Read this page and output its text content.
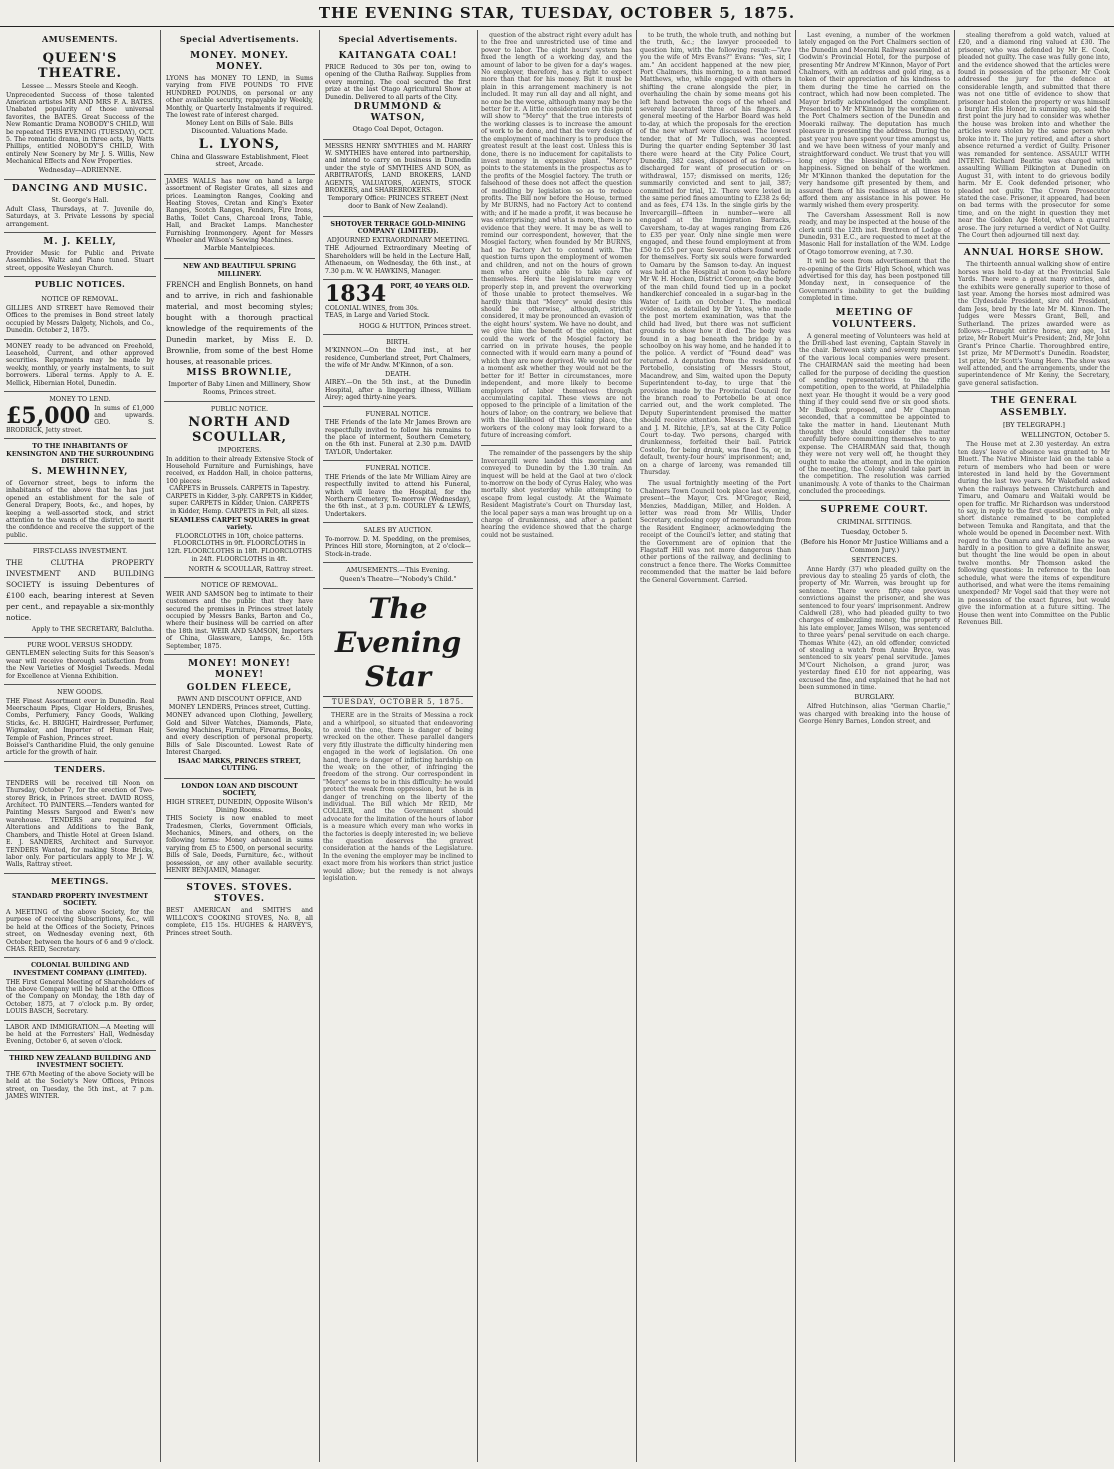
THE EVENING STAR, TUESDAY, OCTOBER 5, 1875.
AMUSEMENTS.
QUEEN'S THEATRE.
Lessee ... Messrs Steele and Keogh.
Unprecedented Success of those talented American artistes MR AND MRS F. A. BATES. Unabated popularity of those universal favorites, the BATES. Great Success of the New Romantic Drama NOBODY'S CHILD, Will be repeated THIS EVENING (TUESDAY), OCT. 5. The romantic drama, in three acts, by Watts Phillips, entitled NOBODY'S CHILD, With entirely New Scenery by Mr J. S. Willis, New Mechanical Effects and New Properties.
Wednesday—ADRIENNE.
DANCING AND MUSIC.
St. George's Hall.
Adult Class, Thursdays, at 7. Juvenile do, Saturdays, at 3. Private Lessons by special arrangement.
M. J. KELLY,
Provider Music for Public and Private Assemblies. Waltz and Piano tuned. Stuart street, opposite Wesleyan Church.
PUBLIC NOTICES.
NOTICE OF REMOVAL.
GILLIES AND STREET have Removed their Offices to the premises in Bond street lately occupied by Messrs Dalgety, Nichols, and Co., Dunedin. October 2, 1875.
MONEY ready to be advanced on Freehold, Leasehold, Current, and other approved securities. Repayments may be made by weekly, monthly, or yearly instalments, to suit borrowers. Liberal terms. Apply to A. E. Mellick, Hibernian Hotel, Dunedin.
MONEY TO LEND.
£5,000 In sums of £1,000 and upwards. GEO. S. BRODRICK, Jetty street.
TO THE INHABITANTS OF KENSINGTON AND THE SURROUNDING DISTRICT.
S. MEWHINNEY,
of Governor street, begs to inform the inhabitants of the above that he has just opened an establishment for the sale of General Drapery, Boots, &c., and hopes, by keeping a well-assorted stock, and strict attention to the wants of the district, to merit the confidence and receive the support of the public.
FIRST-CLASS INVESTMENT.
THE CLUTHA PROPERTY INVESTMENT AND BUILDING SOCIETY is issuing Debentures of £100 each, bearing interest at Seven per cent., and repayable a six-monthly notice.
Apply to THE SECRETARY, Balclutha.
PURE WOOL VERSUS SHODDY.
GENTLEMEN selecting Suits for this Season's wear will receive thorough satisfaction from the New Varieties of Mosgiel Tweeds. Medal for Excellence at Vienna Exhibition.
NEW GOODS.
THE Finest Assortment ever in Dunedin. Real Meerschaum Pipes, Cigar Holders, Brushes, Combs, Perfumery, Fancy Goods, Walking Sticks, &c. H. BRIGHT, Hairdresser, Perfumer, Wigmaker, and Importer of Human Hair, Temple of Fashion, Princes street.
Boissel's Cantharidine Fluid, the only genuine article for the growth of hair.
TENDERS.
TENDERS will be received till Noon on Thursday, October 7, for the erection of Two-storey Brick, in Princes street. DAVID ROSS, Architect. TO PAINTERS.—Tenders wanted for Painting Messrs Sargood and Ewen's new warehouse. TENDERS are required for Alterations and Additions to the Bank, Chambers, and Thistle Hotel at Green Island. E. J. SANDERS, Architect and Surveyor. TENDERS Wanted, for making Stone Bricks, labor only. For particulars apply to Mr J. W. Walls, Rattray street.
MEETINGS.
STANDARD PROPERTY INVESTMENT SOCIETY.
A MEETING of the above Society, for the purpose of receiving Subscriptions, &c., will be held at the Offices of the Society, Princes street, on Wednesday evening next, 6th October, between the hours of 6 and 9 o'clock. CHAS. REID, Secretary.
COLONIAL BUILDING AND INVESTMENT COMPANY (LIMITED).
THE First General Meeting of Shareholders of the above Company will be held at the Offices of the Company on Monday, the 18th day of October, 1875, at 7 o'clock p.m. By order, LOUIS BASCH, Secretary.
LABOR AND IMMIGRATION.—A Meeting will be held at the Forresters' Hall, Wednesday Evening, October 6, at seven o'clock.
THIRD NEW ZEALAND BUILDING AND INVESTMENT SOCIETY.
THE 67th Meeting of the above Society will be held at the Society's New Offices, Princes street, on Tuesday, the 5th inst., at 7 p.m. JAMES WINTER.
Special Advertisements.
MONEY. MONEY. MONEY.
LYONS has MONEY TO LEND, in Sums varying from FIVE POUNDS TO FIVE HUNDRED POUNDS, on personal or any other available security, repayable by Weekly, Monthly, or Quarterly Instalments if required. The lowest rate of interest charged.
Money Lent on Bills of Sale. Bills Discounted. Valuations Made.
L. LYONS,
China and Glassware Establishment, Fleet street, Arcade.
JAMES WALLS has now on hand a large assortment of Register Grates, all sizes and prices. Leamington Ranges, Cooking and Heating Stoves, Cretan and King's Exeter Ranges, Scotch Ranges, Fenders, Fire Irons, Baths, Toilet Cans, Charcoal Irons, Table, Hall, and Bracket Lamps. Manchester Furnishing Ironmongery. Agent for Messrs Wheeler and Wilson's Sewing Machines.
Marble Mantelpieces.
NEW AND BEAUTIFUL SPRING MILLINERY.
FRENCH and English Bonnets, on hand and to arrive, in rich and fashionable material, and most becoming styles; bought with a thorough practical knowledge of the requirements of the Dunedin market, by Miss E. D. Brownlie, from some of the best Home houses, at reasonable prices.
MISS BROWNLIE,
Importer of Baby Linen and Millinery, Show Rooms, Princes street.
PUBLIC NOTICE.
NORTH AND SCOULLAR,
IMPORTERS.
In addition to their already Extensive Stock of Household Furniture and Furnishings, have received, ex Haddon Hall, in choice patterns, 100 pieces:
CARPETS in Brussels. CARPETS in Tapestry. CARPETS in Kidder, 3-ply. CARPETS in Kidder, super. CARPETS in Kidder, Union. CARPETS in Kidder, Hemp. CARPETS in Felt, all sizes.
SEAMLESS CARPET SQUARES in great variety.
FLOORCLOTHS in 10ft, choice patterns. FLOORCLOTHS in 9ft. FLOORCLOTHS in 12ft. FLOORCLOTHS in 18ft. FLOORCLOTHS in 24ft. FLOORCLOTHS in 4ft.
NORTH & SCOULLAR, Rattray street.
NOTICE OF REMOVAL.
WEIR AND SAMSON beg to intimate to their customers and the public that they have secured the premises in Princes street lately occupied by Messrs Banks, Barton and Co., where their business will be carried on after the 18th inst. WEIR AND SAMSON, Importers of China, Glassware, Lamps, &c. 15th September, 1875.
MONEY! MONEY! MONEY!
GOLDEN FLEECE,
PAWN AND DISCOUNT OFFICE, AND MONEY LENDERS, Princes street, Cutting.
MONEY advanced upon Clothing, Jewellery, Gold and Silver Watches, Diamonds, Plate, Sewing Machines, Furniture, Firearms, Books, and every description of personal property. Bills of Sale Discounted. Lowest Rate of Interest Charged.
ISAAC MARKS, PRINCES STREET, CUTTING.
LONDON LOAN AND DISCOUNT SOCIETY,
HIGH STREET, DUNEDIN, Opposite Wilson's Dining Rooms.
THIS Society is now enabled to meet Tradesmen, Clerks, Government Officials, Mechanics, Miners, and others, on the following terms: Money advanced in sums varying from £5 to £500, on personal security. Bills of Sale, Deeds, Furniture, &c., without possession, or any other available security. HENRY BENJAMIN, Manager.
STOVES. STOVES. STOVES.
BEST AMERICAN and SMITH'S and WILLCOX'S COOKING STOVES, No. 8, all complete, £15 15s. HUGHES & HARVEY'S, Princes street South.
Special Advertisements.
KAITANGATA COAL!
PRICE Reduced to 30s per ton, owing to opening of the Clutha Railway. Supplies from every morning. The coal secured the first prize at the last Otago Agricultural Show at Dunedin. Delivered to all parts of the City.
DRUMMOND & WATSON,
Otago Coal Depot, Octagon.
MESSRS HENRY SMYTHIES and M. HARRY W. SMYTHIES have entered into partnership, and intend to carry on business in Dunedin under the style of SMYTHIES AND SON, as ARBITRATORS, LAND BROKERS, LAND AGENTS, VALUATORS, AGENTS, STOCK BROKERS, and SHAREBROKERS.
Temporary Office: PRINCES STREET (Next door to Bank of New Zealand).
SHOTOVER TERRACE GOLD-MINING COMPANY (LIMITED).
ADJOURNED EXTRAORDINARY MEETING.
THE Adjourned Extraordinary Meeting of Shareholders will be held in the Lecture Hall, Athenaeum, on Wednesday, the 6th inst., at 7.30 p.m. W. W. HAWKINS, Manager.
1834 PORT, 40 YEARS OLD.
COLONIAL WINES, from 30s.
TEAS, in Large and Varied Stock.
HOGG & HUTTON, Princes street.
BIRTH.
M'KINNON.—On the 2nd inst., at her residence, Cumberland street, Port Chalmers, the wife of Mr Andw. M'Kinnon, of a son.
DEATH.
AIREY.—On the 5th inst., at the Dunedin Hospital, after a lingering illness, William Airey; aged thirty-nine years.
FUNERAL NOTICE.
THE Friends of the late Mr James Brown are respectfully invited to follow his remains to the place of interment, Southern Cemetery, on the 6th inst. Funeral at 2.30 p.m. DAVID TAYLOR, Undertaker.
FUNERAL NOTICE.
THE Friends of the late Mr William Airey are respectfully invited to attend his Funeral, which will leave the Hospital, for the Northern Cemetery, To-morrow (Wednesday), the 6th inst., at 3 p.m. COURLEY & LEWIS, Undertakers.
SALES BY AUCTION.
To-morrow. D. M. Spedding, on the premises, Princes Hill store, Mornington, at 2 o'clock—Stock-in-trade.
AMUSEMENTS.—This Evening.
Queen's Theatre—"Nobody's Child."
The Evening Star
TUESDAY, OCTOBER 5, 1875.
THERE are in the Straits of Messina a rock and a whirlpool, so situated that endeavoring to avoid the one, there is danger of being wrecked on the other. These parallel dangers very fitly illustrate the difficulty hindering men engaged in the work of legislation. On one hand, there is danger of inflicting hardship on the weak; on the other, of infringing the freedom of the strong. Our correspondent in "Mercy" seems to be in this difficulty: he would protect the weak from oppression, but he is in danger of trenching on the liberty of the individual. The Bill which Mr REID, Mr COLLIER, and the Government should advocate for the limitation of the hours of labor is a measure which every man who works in the factories is deeply interested in; we believe the question deserves the gravest consideration at the hands of the Legislature. In the evening the employer may be inclined to exact more from his workers than strict justice would allow; but the remedy is not always legislation.
question of the abstract right every adult has to the free and unrestricted use of time and power to labor. The eight hours' system has fixed the length of a working day, and the amount of labor to be given for a day's wages. No employer, therefore, has a right to expect more than that for his money. But it must be plain in this arrangement machinery is not included. It may run all day and all night, and no one be the worse, although many may be the better for it. A little consideration on this point will show to "Mercy" that the true interests of the working classes is to increase the amount of work to be done, and that the very design of the employment of machinery is to produce the greatest result at the least cost. Unless this is done, there is no inducement for capitalists to invest money in expensive plant. "Mercy" points to the statements in the prospectus as to the profits of the Mosgiel factory. The truth or falsehood of these does not affect the question of meddling by legislation so as to reduce profits. The Bill now before the House, termed by Mr BURNS, had no Factory Act to contend with; and if he made a profit, it was because he was enterprising; and what is more, there is no evidence that they were. It may be as well to remind our correspondent, however, that the Mosgiel factory, when founded by Mr BURNS, had no Factory Act to contend with. The question turns upon the employment of women and children, and not on the hours of grown men who are quite able to take care of themselves. Here the legislature may very properly step in, and prevent the overworking of those unable to protect themselves. We hardly think that "Mercy" would desire this should be otherwise, although, strictly considered, it may be pronounced an evasion of the eight hours' system. We have no doubt, and we give him the benefit of the opinion, that could the work of the Mosgiel factory be carried on in private houses, the people connected with it would earn many a pound of which they are now deprived. We would not for a moment ask whether they would not be the better for it! Better in circumstances, more independent, and more likely to become employers of labor themselves through accumulating capital. These views are not opposed to the principle of a limitation of the hours of labor; on the contrary, we believe that with the likelihood of this taking place, the workers of the colony may look forward to a future of increasing comfort.
The remainder of the passengers by the ship Invercargill were landed this morning and conveyed to Dunedin by the 1.30 train. An inquest will be held at the Gaol at two o'clock to-morrow on the body of Cyrus Haley, who was mortally shot yesterday while attempting to escape from legal custody. At the Waimate Resident Magistrate's Court on Thursday last, the local paper says a man was brought up on a charge of drunkenness, and after a patient hearing the evidence showed that the charge could not be sustained.
to be truth, the whole truth, and nothing but the truth, &c.; the lawyer proceeded to question him, with the following result:—"Are you the wife of Mrs Evans?" Evans: "Yes, sir, I am." An accident happened at the new pier, Port Chalmers, this morning, to a man named Matthews, who, while engaged with others in shifting the crane alongside the pier, in overhauling the chain by some means got his left hand between the cogs of the wheel and severely lacerated three of his fingers. A general meeting of the Harbor Board was held to-day, at which the proposals for the erection of the new wharf were discussed. The lowest tender, that of Mr Tulloch, was accepted. During the quarter ending September 30 last there were heard at the City Police Court, Dunedin, 382 cases, disposed of as follows:—discharged for want of prosecution or on withdrawal, 157; dismissed on merits, 126; summarily convicted and sent to jail, 387; committed for trial, 12. There were levied in the same period fines amounting to £238 2s 6d; and as fees, £74 13s. In the single girls by the Invercargill—fifteen in number—were all engaged at the Immigration Barracks, Caversham, to-day at wages ranging from £26 to £35 per year. Only nine single men were engaged, and these found employment at from £50 to £55 per year. Several others found work for themselves. Forty six souls were forwarded to Oamaru by the Samson to-day. An inquest was held at the Hospital at noon to-day before Mr W. H. Hocken, District Coroner, on the body of the man child found tied up in a pocket handkerchief concealed in a sugar-bag in the Water of Leith on October 1. The medical evidence, as detailed by Dr Yates, who made the post mortem examination, was that the child had lived, but there was not sufficient grounds to show how it died. The body was found in a bag beneath the bridge by a schoolboy on his way home, and he handed it to the police. A verdict of "Found dead" was returned. A deputation from the residents of Portobello, consisting of Messrs Stout, Macandrew, and Sim, waited upon the Deputy Superintendent to-day, to urge that the provision made by the Provincial Council for the branch road to Portobello be at once carried out, and the work completed. The Deputy Superintendent promised the matter should receive attention. Messrs E. B. Cargill and J. M. Ritchie, J.P.'s, sat at the City Police Court to-day. Two persons, charged with drunkenness, forfeited their bail. Patrick Costello, for being drunk, was fined 5s, or, in default, twenty-four hours' imprisonment; and, on a charge of larceny, was remanded till Thursday.
The usual fortnightly meeting of the Port Chalmers Town Council took place last evening, present—the Mayor, Crs. M'Gregor, Reid, Menzies, Maddigan, Miller, and Holden. A letter was read from Mr Willis, Under Secretary, enclosing copy of memorandum from the Resident Engineer, acknowledging the receipt of the Council's letter, and stating that the Government are of opinion that the Flagstaff Hill was not more dangerous than other portions of the railway, and declining to construct a fence there. The Works Committee recommended that the matter be laid before the General Government. Carried.
Last evening, a number of the workmen lately engaged on the Port Chalmers section of the Dunedin and Moeraki Railway assembled at Godwin's Provincial Hotel, for the purpose of presenting Mr Andrew M'Kinnon, Mayor of Port Chalmers, with an address and gold ring, as a token of their appreciation of his kindness to them during the time he carried on the contract, which had now been completed. The Mayor briefly acknowledged the compliment. Presented to Mr M'Kinnon by the workmen on the Port Chalmers section of the Dunedin and Moeraki railway. The deputation has much pleasure in presenting the address. During the past year you have spent your time amongst us, and we have been witness of your manly and straightforward conduct. We trust that you will long enjoy the blessings of health and happiness. Signed on behalf of the workmen. Mr M'Kinnon thanked the deputation for the very handsome gift presented by them, and assured them of his readiness at all times to afford them any assistance in his power. He warmly wished them every prosperity.
The Caversham Assessment Roll is now ready, and may be inspected at the house of the clerk until the 12th inst. Brethren of Lodge of Dunedin, 931 E.C., are requested to meet at the Masonic Hall for installation of the W.M. Lodge of Otago tomorrow evening, at 7.30.
It will be seen from advertisement that the re-opening of the Girls' High School, which was advertised for this day, has been postponed till Monday next, in consequence of the Government's inability to get the building completed in time.
MEETING OF VOLUNTEERS.
A general meeting of Volunteers was held at the Drill-shed last evening, Captain Stavely in the chair. Between sixty and seventy members of the various local companies were present. The CHAIRMAN said the meeting had been called for the purpose of deciding the question of sending representatives to the rifle competition, open to the world, at Philadelphia next year. He thought it would be a very good thing if they could send five or six good shots. Mr Bullock proposed, and Mr Chapman seconded, that a committee be appointed to take the matter in hand. Lieutenant Muth thought they should consider the matter carefully before committing themselves to any expense. The CHAIRMAN said that, though they were not very well off, he thought they ought to make the attempt, and in the opinion of the meeting, the Colony should take part in the competition. The resolution was carried unanimously. A vote of thanks to the Chairman concluded the proceedings.
SUPREME COURT.
CRIMINAL SITTINGS.
Tuesday, October 5.
(Before his Honor Mr Justice Williams and a Common Jury.)
SENTENCES.
Anne Hardy (37) who pleaded guilty on the previous day to stealing 25 yards of cloth, the property of Mr. Warren, was brought up for sentence. There were fifty-one previous convictions against the prisoner, and she was sentenced to four years' imprisonment. Andrew Caldwell (28), who had pleaded guilty to two charges of embezzling money, the property of his late employer, James Wilson, was sentenced to three years' penal servitude on each charge. Thomas White (42), an old offender, convicted of stealing a watch from Annie Bryce, was sentenced to six years' penal servitude. James M'Court Nicholson, a grand juror, was yesterday fined £10 for not appearing, was excused the fine, and explained that he had not been summoned in time.
BURGLARY.
Alfred Hutchinson, alias "German Charlie," was charged with breaking into the house of George Henry Barnes, London street, and
stealing therefrom a gold watch, valued at £20, and a diamond ring valued at £30. The prisoner, who was defended by Mr E. Cook, pleaded not guilty. The case was fully gone into, and the evidence showed that the articles were found in possession of the prisoner. Mr Cook addressed the jury for the defence at considerable length, and submitted that there was not one tittle of evidence to show that prisoner had stolen the property or was himself a burglar. His Honor, in summing up, said the first point the jury had to consider was whether the house was broken into and whether the articles were stolen by the same person who broke into it. The jury retired, and after a short absence returned a verdict of Guilty. Prisoner was remanded for sentence. ASSAULT WITH INTENT. Richard Beattie was charged with assaulting William Pilkington at Dunedin on August 31, with intent to do grievous bodily harm. Mr E. Cook defended prisoner, who pleaded not guilty. The Crown Prosecutor stated the case. Prisoner, it appeared, had been on bad terms with the prosecutor for some time, and on the night in question they met near the Golden Age Hotel, where a quarrel arose. The jury returned a verdict of Not Guilty. The Court then adjourned till next day.
ANNUAL HORSE SHOW.
The thirteenth annual walking show of entire horses was held to-day at the Provincial Sale Yards. There were a great many entries, and the exhibits were generally superior to those of last year. Among the horses most admired was the Clydesdale President, sire old President, dam Jess, bred by the late Mr M. Kinnon. The Judges were Messrs Grant, Bell, and Sutherland. The prizes awarded were as follows:—Draught entire horse, any age, 1st prize, Mr Robert Muir's President; 2nd, Mr John Grant's Prince Charlie. Thoroughbred entire, 1st prize, Mr M'Dermott's Dunedin. Roadster, 1st prize, Mr Scott's Young Hero. The show was well attended, and the arrangements, under the superintendence of Mr Kenny, the Secretary, gave general satisfaction.
THE GENERAL ASSEMBLY.
[BY TELEGRAPH.]
WELLINGTON, October 5.
The House met at 2.30 yesterday. An extra ten days' leave of absence was granted to Mr Bluett. The Native Minister laid on the table a return of members who had been or were interested in land held by the Government during the last two years. Mr Wakefield asked when the railways between Christchurch and Timaru, and Oamaru and Waitaki would be open for traffic. Mr Richardson was understood to say, in reply to the first question, that only a short distance remained to be completed between Temuka and Rangitata, and that the whole would be opened in December next. With regard to the Oamaru and Waitaki line he was hardly in a position to give a definite answer, but thought the line would be open in about twelve months. Mr Thomson asked the following questions: In reference to the loan schedule, what were the items of expenditure authorised, and what were the items remaining unexpended? Mr Vogel said that they were not in possession of the exact figures, but would give the information at a future sitting. The House then went into Committee on the Public Revenues Bill.
